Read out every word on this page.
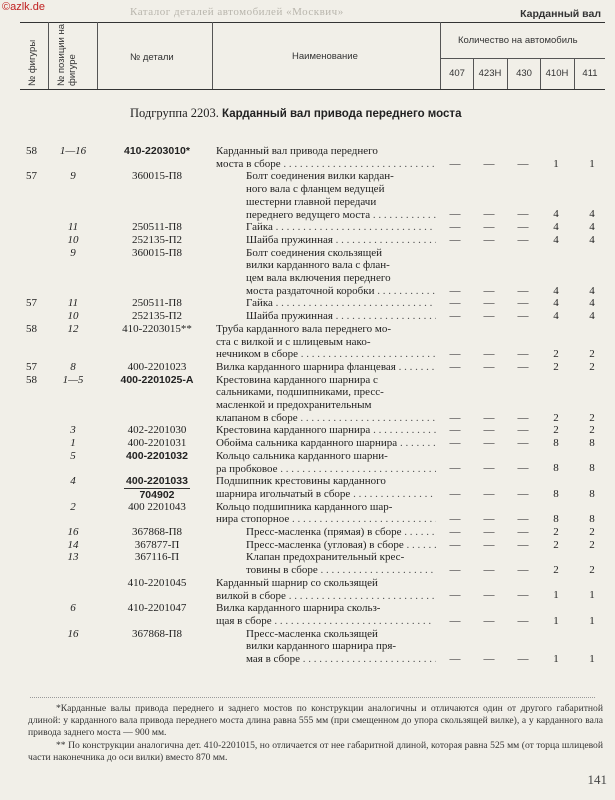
©azlk.de	Каталог деталей автомобилей «Москвич»	Карданный вал
№ фигуры № позиции на фигуре	№ детали	Наименование
Количество на автомобиль
407	423Н	430	410Н	411
Подгруппа 2203. Карданный вал привода переднего моста
58	1—16	410-2203010*	Карданный вал привода переднего
моста в сборе . . .	—	—	—	1	1
57	9	360015-П8	Болт соединения вилки кардан-
ного вала с фланцем ведущей
шестерни главной передачи
переднего ведущего моста . . .	—	—	—	4	4
11	250511-П8	Гайка . . .	—	—	—	4	4
10	252135-П2	Шайба пружинная . . .	—	—	—	4	4
9	360015-П8	Болт соединения скользящей
вилки карданного вала с флан-
цем вала включения переднего
моста раздаточной коробки . . .	—	—	—	4	4
57	11	250511-П8	Гайка . . .	—	—	—	4	4
10	252135-П2	Шайба пружинная . . .	—	—	—	4	4
58	12	410-2203015**	Труба карданного вала переднего мо-
ста с вилкой и с шлицевым нако-
нечником в сборе . . .	—	—	—	2	2
57	8	400-2201023	Вилка карданного шарнира фланцевая . . .	—	—	—	2	2
58	1—5	400-2201025-А	Крестовина карданного шарнира с
сальниками, подшипниками, пресс-
масленкой и предохранительным
клапаном в сборе . . .	—	—	—	2	2
3	402-2201030	Крестовина карданного шарнира . . .	—	—	—	2	2
1	400-2201031	Обойма сальника карданного шарнира . . .	—	—	—	8	8
5	400-2201032	Кольцо сальника карданного шарни-
ра пробковое . . .	—	—	—	8	8
4	400-2201033
704902
Подшипник крестовины карданного
шарнира игольчатый в сборе . . .	—	—	—	8	8
2	400 2201043	Кольцо подшипника карданного шар-
нира стопорное . . .	—	—	—	8	8
16	367868-П8	Пресс-масленка (прямая) в сборе . . .	—	—	—	2	2
14	367877-П	Пресс-масленка (угловая) в сборе . . .	—	—	—	2	2
13	367116-П	Клапан предохранительный крес-
товины в сборе . . .	—	—	—	2	2
410-2201045	Карданный шарнир со скользящей
вилкой в сборе . . .	—	—	—	1	1
6	410-2201047	Вилка карданного шарнира скольз-
щая в сборе . . .	—	—	—	1	1
16	367868-П8	Пресс-масленка скользящей
вилки карданного шарнира пря-
мая в сборе . . .	—	—	—	1	1

*Карданные валы привода переднего и заднего мостов по конструкции аналогичны и отличаются один от другого габаритной длиной: у карданного вала привода переднего моста длина равна 555 мм (при смещенном до упора скользящей вилке), а у карданного вала привода заднего моста — 900 мм.

** По конструкции аналогична дет. 410-2201015, но отличается от нее габаритной длиной, которая равна 525 мм (от торца шлицевой части наконечника до оси вилки) вместо 870 мм.

141
